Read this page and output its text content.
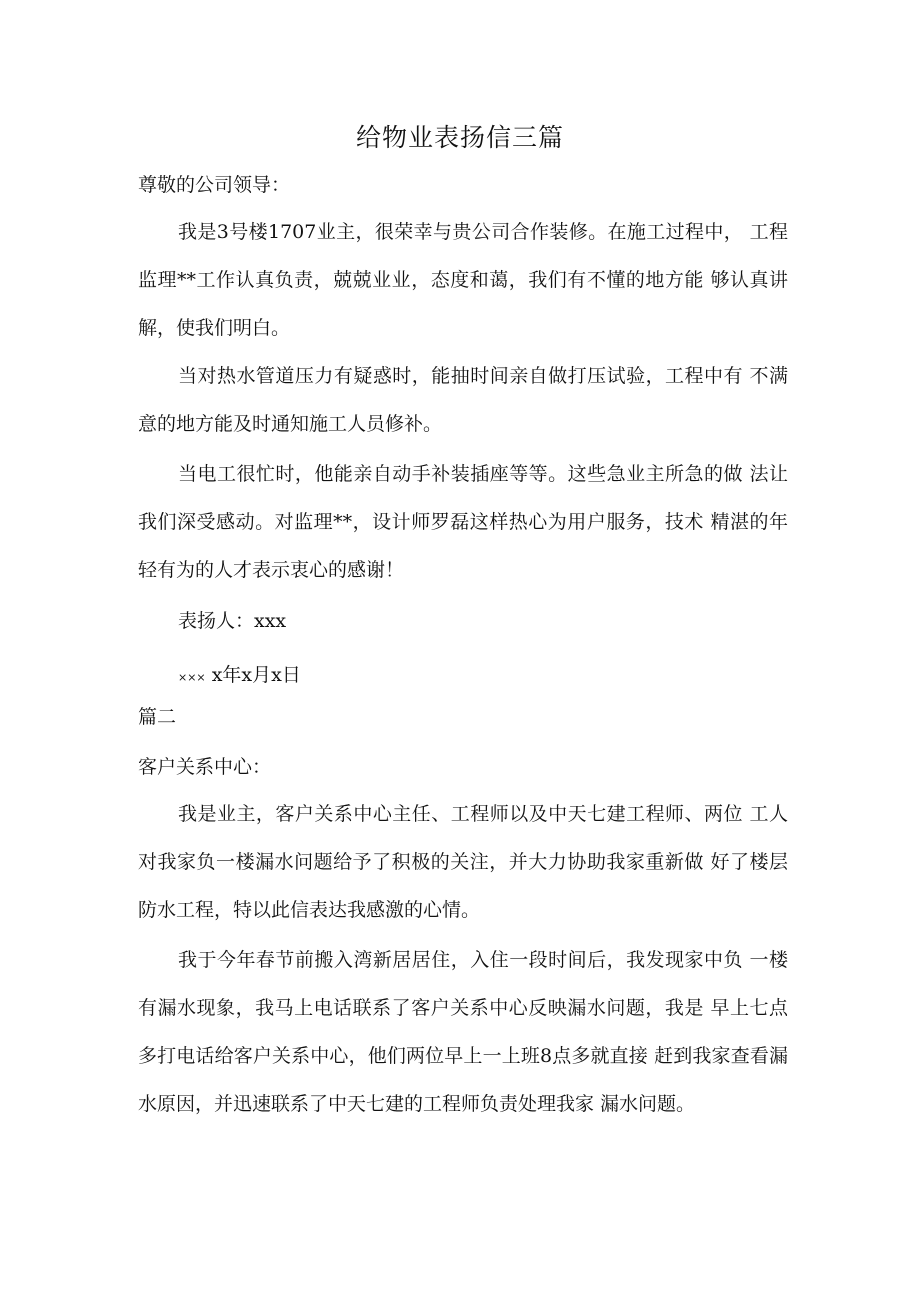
给物业表扬信三篇
尊敬的公司领导：
我是3号楼1707业主，很荣幸与贵公司合作装修。在施工过程中， 工程监理**工作认真负责，兢兢业业，态度和蔼，我们有不懂的地方能 够认真讲解，使我们明白。
当对热水管道压力有疑惑时，能抽时间亲自做打压试验，工程中有 不满意的地方能及时通知施工人员修补。
当电工很忙时，他能亲自动手补装插座等等。这些急业主所急的做 法让我们深受感动。对监理**，设计师罗磊这样热心为用户服务，技术 精湛的年轻有为的人才表示衷心的感谢！
表扬人：xxx
××× x年x月x日
篇二
客户关系中心：
我是业主，客户关系中心主任、工程师以及中天七建工程师、两位 工人对我家负一楼漏水问题给予了积极的关注，并大力协助我家重新做 好了楼层防水工程，特以此信表达我感激的心情。
我于今年春节前搬入湾新居居住，入住一段时间后，我发现家中负 一楼有漏水现象，我马上电话联系了客户关系中心反映漏水问题，我是 早上七点多打电话给客户关系中心，他们两位早上一上班8点多就直接 赶到我家查看漏水原因，并迅速联系了中天七建的工程师负责处理我家 漏水问题。
